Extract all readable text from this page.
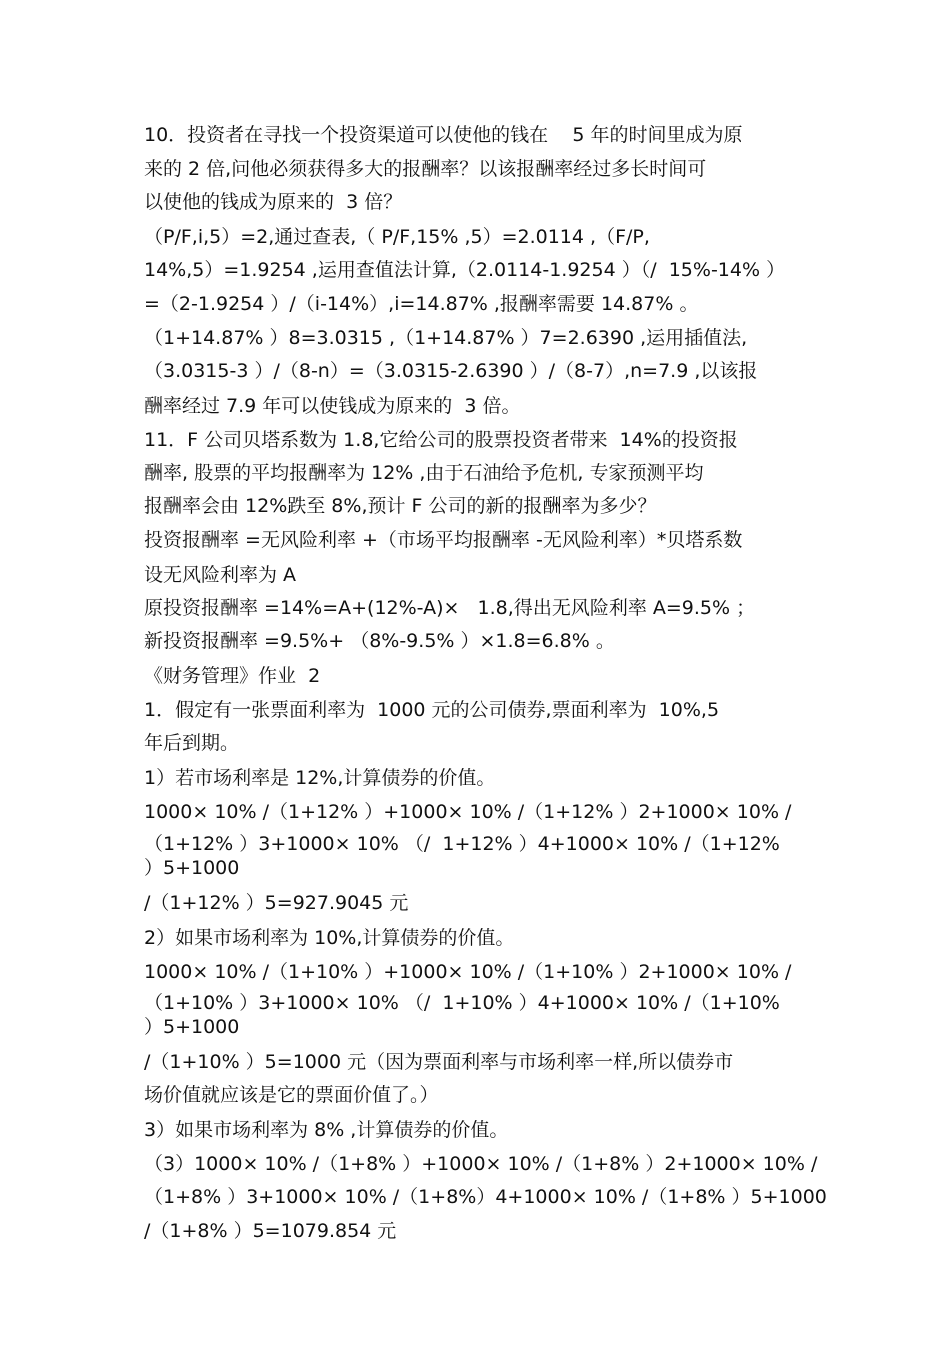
10．投资者在寻找一个投资渠道可以使他的钱在    5 年的时间里成为原
来的 2 倍,问他必须获得多大的报酬率？以该报酬率经过多长时间可
以使他的钱成为原来的  3 倍？
（P/F,i,5）=2,通过查表,（ P/F,15% ,5）=2.0114 ,（F/P,
14%,5）=1.9254 ,运用查值法计算,（2.0114-1.9254 ）（/  15%-14% ）
=（2-1.9254 ）/（i-14%）,i=14.87% ,报酬率需要 14.87% 。
（1+14.87% ）8=3.0315 ,（1+14.87% ）7=2.6390 ,运用插值法,
（3.0315-3 ）/（8-n）=（3.0315-2.6390 ）/（8-7）,n=7.9 ,以该报
酬率经过 7.9 年可以使钱成为原来的  3 倍。
11．F 公司贝塔系数为 1.8,它给公司的股票投资者带来  14%的投资报
酬率, 股票的平均报酬率为 12% ,由于石油给予危机, 专家预测平均
报酬率会由 12%跌至 8%,预计 F 公司的新的报酬率为多少？
投资报酬率 =无风险利率 +（市场平均报酬率 -无风险利率）*贝塔系数
设无风险利率为 A
原投资报酬率 =14%=A+(12%-A)×   1.8,得出无风险利率 A=9.5% ；
新投资报酬率 =9.5%+ （8%-9.5% ）×1.8=6.8% 。
《财务管理》作业  2
1．假定有一张票面利率为  1000 元的公司债券,票面利率为  10%,5
年后到期。
1）若市场利率是 12%,计算债券的价值。
1000× 10% /（1+12% ）+1000× 10% /（1+12% ）2+1000× 10% /
（1+12% ）3+1000× 10% （/  1+12% ）4+1000× 10% /（1+12%
）5+1000
/（1+12% ）5=927.9045 元
2）如果市场利率为 10%,计算债券的价值。
1000× 10% /（1+10% ）+1000× 10% /（1+10% ）2+1000× 10% /
（1+10% ）3+1000× 10% （/  1+10% ）4+1000× 10% /（1+10%
）5+1000
/（1+10% ）5=1000 元（因为票面利率与市场利率一样,所以债券市
场价值就应该是它的票面价值了。）
3）如果市场利率为 8% ,计算债券的价值。
（3）1000× 10% /（1+8% ）+1000× 10% /（1+8% ）2+1000× 10% /
（1+8% ）3+1000× 10% /（1+8%）4+1000× 10% /（1+8% ）5+1000
/（1+8% ）5=1079.854 元
